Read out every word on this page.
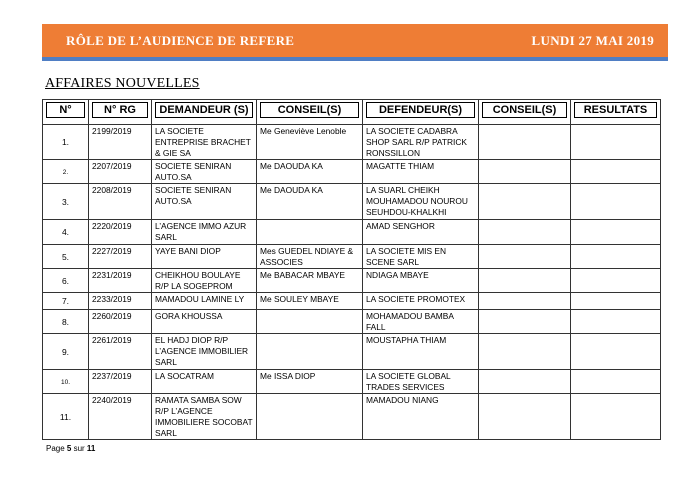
RÔLE DE L’AUDIENCE DE REFERE	LUNDI 27 MAI 2019
AFFAIRES NOUVELLES
N°	N° RG	DEMANDEUR (S)	CONSEIL(S)	DEFENDEUR(S)	CONSEIL(S)	RESULTATS

1.	2199/2019	LA SOCIETE ENTREPRISE BRACHET & GIE SA	Me Geneviève Lenoble	LA SOCIETE CADABRA SHOP SARL R/P PATRICK RONSSILLON		
2.	2207/2019	SOCIETE SENIRAN AUTO.SA	Me DAOUDA KA	MAGATTE THIAM		
3.	2208/2019	SOCIETE SENIRAN AUTO.SA	Me DAOUDA KA	LA SUARL CHEIKH MOUHAMADOU NOUROU SEUHDOU-KHALKHI		
4.	2220/2019	L’AGENCE IMMO AZUR SARL		AMAD SENGHOR		
5.	2227/2019	YAYE BANI DIOP	Mes GUEDEL NDIAYE & ASSOCIES	LA SOCIETE MIS EN SCENE SARL		
6.	2231/2019	CHEIKHOU BOULAYE R/P LA SOGEPROM	Me BABACAR MBAYE	NDIAGA MBAYE		
7.	2233/2019	MAMADOU LAMINE LY	Me SOULEY MBAYE	LA SOCIETE PROMOTEX		
8.	2260/2019	GORA KHOUSSA		MOHAMADOU BAMBA FALL		
9.	2261/2019	EL HADJ DIOP R/P L’AGENCE IMMOBILIER SARL		MOUSTAPHA THIAM		
10.	2237/2019	LA SOCATRAM	Me ISSA DIOP	LA SOCIETE GLOBAL TRADES SERVICES		
11.	2240/2019	RAMATA SAMBA SOW R/P L’AGENCE IMMOBILIERE SOCOBAT SARL		MAMADOU NIANG		
Page 5 sur 11
